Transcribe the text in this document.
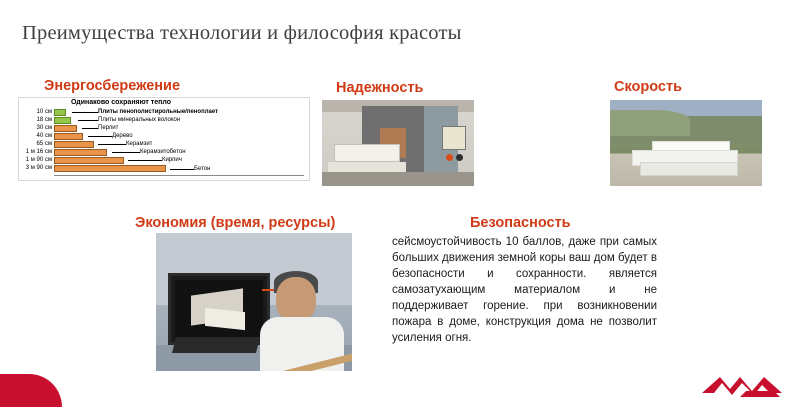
Преимущества технологии и философия красоты
Энергосбережение
Одинаково сохраняют тепло
10 см
18 см
30 см
40 см
65 см
1 м 16 см
1 м 90 см
3 м 90 см
Плиты пенополистирольные/пеноплает
Плиты минеральных волокон
Перлит
Дерево
Керамзит
Керамзитобетон
Кирпич
Бетон
Надежность	Скорость
Экономия (время, ресурсы)	Безопасность
сейсмоустойчивость 10 баллов, даже при самых больших движения земной коры ваш дом будет в безопасности и сохранности. является самозатухающим материалом и не поддерживает горение. при возникновении пожара в доме, конструкция дома не позволит усиления огня.
